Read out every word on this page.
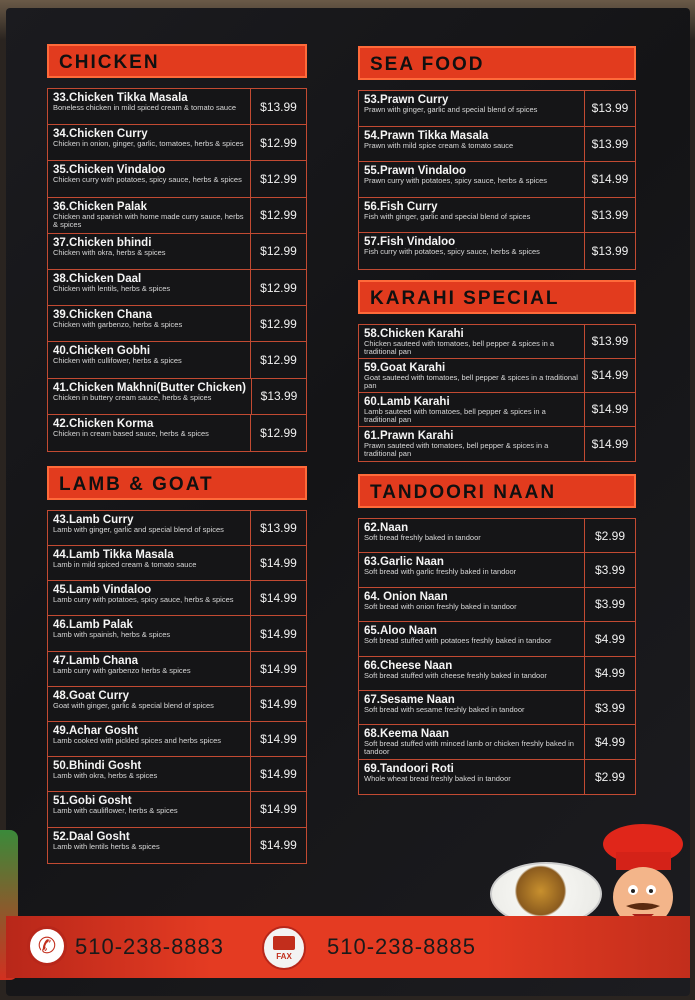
CHICKEN
33.Chicken Tikka Masala
Boneless chicken in mild spiced cream & tomato sauce	$13.99
34.Chicken Curry
Chicken in onion, ginger, garlic, tomatoes, herbs & spices	$12.99
35.Chicken Vindaloo
Chicken curry with potatoes, spicy sauce, herbs & spices	$12.99
36.Chicken Palak
Chicken and spanish with home made curry sauce, herbs & spices
$12.99
37.Chicken bhindi
Chicken with okra, herbs & spices	$12.99
38.Chicken Daal
Chicken with lentils, herbs & spices	$12.99
39.Chicken Chana
Chicken with garbenzo, herbs & spices	$12.99
40.Chicken Gobhi
Chicken with cullifower, herbs & spices	$12.99
41.Chicken Makhni(Butter Chicken)
Chicken in buttery cream sauce, herbs & spices	$13.99
42.Chicken Korma
Chicken in cream based sauce, herbs & spices	$12.99
LAMB & GOAT
43.Lamb Curry
Lamb with ginger, garlic and special blend of spices	$13.99
44.Lamb Tikka Masala
Lamb in mild spiced cream & tomato sauce	$14.99
45.Lamb Vindaloo
Lamb curry with potatoes, spicy sauce, herbs & spices	$14.99
46.Lamb Palak
Lamb with spainish, herbs & spices	$14.99
47.Lamb Chana
Lamb curry with garbenzo herbs & spices	$14.99
48.Goat Curry
Goat with ginger, garlic & special blend of spices	$14.99
49.Achar Gosht
Lamb cooked with pickled spices and herbs spices	$14.99
50.Bhindi Gosht
Lamb with okra, herbs & spices	$14.99
51.Gobi Gosht
Lamb with cauliflower, herbs & spices	$14.99
52.Daal Gosht
Lamb with lentils herbs & spices	$14.99
SEA FOOD
53.Prawn Curry
Prawn with ginger, garlic and special blend of spices	$13.99
54.Prawn Tikka Masala
Prawn with mild spice cream & tomato sauce	$13.99
55.Prawn Vindaloo
Prawn curry with potatoes, spicy sauce, herbs & spices	$14.99
56.Fish Curry
Fish with ginger, garlic and special blend of spices	$13.99
57.Fish Vindaloo
Fish curry with potatoes, spicy sauce, herbs & spices	$13.99
KARAHI SPECIAL
58.Chicken Karahi
Chicken sauteed with tomatoes, bell pepper & spices in a traditional pan
$13.99
59.Goat Karahi
Goat sauteed with tomatoes, bell pepper & spices in a traditional pan
$14.99
60.Lamb Karahi
Lamb sauteed with tomatoes, bell pepper & spices in a traditional pan
$14.99
61.Prawn Karahi
Prawn sauteed with tomatoes, bell pepper & spices in a traditional pan
$14.99
TANDOORI NAAN
62.Naan
Soft bread freshly baked in tandoor	$2.99
63.Garlic Naan
Soft bread with garlic freshly baked in tandoor	$3.99
64. Onion Naan
Soft bread with onion freshly baked in tandoor	$3.99
65.Aloo Naan
Soft bread stuffed with potatoes freshly baked in tandoor	$4.99
66.Cheese Naan
Soft bread stuffed with cheese freshly baked in tandoor	$4.99
67.Sesame Naan
Soft bread with sesame freshly baked in tandoor	$3.99
68.Keema Naan
Soft bread stuffed with minced lamb or chicken freshly baked in tandoor
$4.99
69.Tandoori Roti
Whole wheat bread freshly baked in tandoor	$2.99
✆ 510-238-8883	FAX 510-238-8885
